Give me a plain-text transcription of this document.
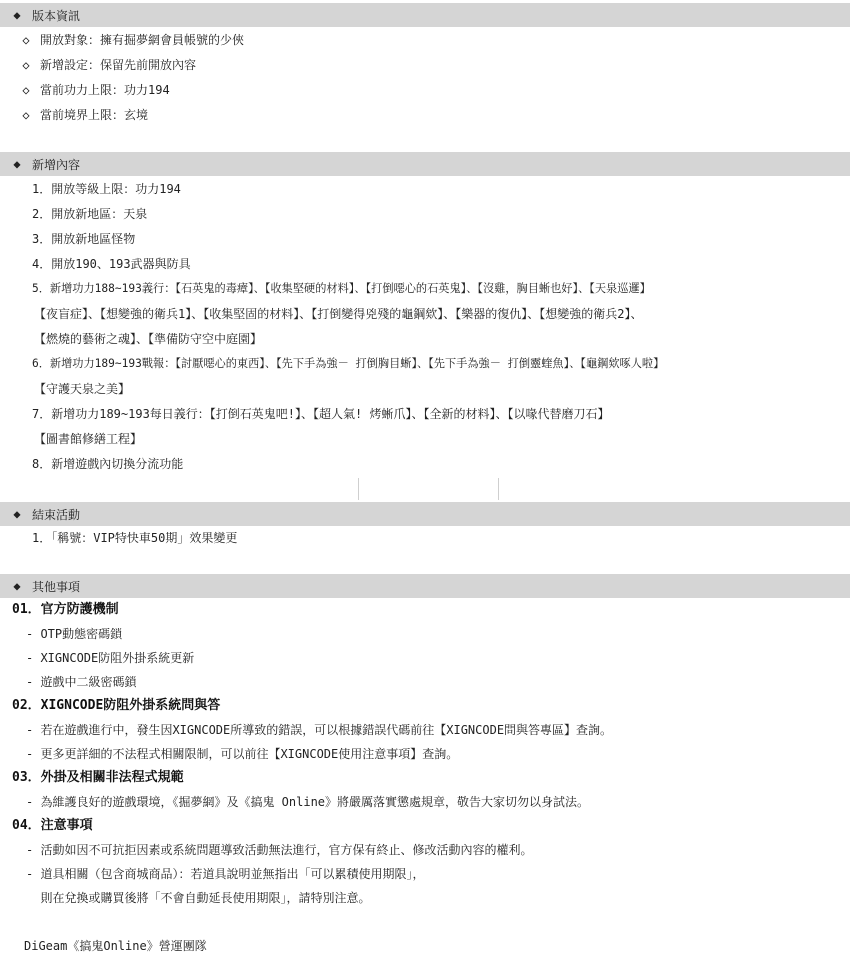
◆ 版本資訊
◇ 開放對象：擁有掘夢網會員帳號的少俠
◇ 新增設定：保留先前開放內容
◇ 當前功力上限：功力194
◇ 當前境界上限：玄境
◆ 新增內容
1．開放等級上限：功力194
2．開放新地區：天泉
3．開放新地區怪物
4．開放190、193武器與防具
5．新增功力188~193義行：【石英鬼的毒瘴】、【收集堅硬的材料】、【打倒噁心的石英鬼】、【沒雞，胸目蜥也好】、【天泉巡邏】
【夜盲症】、【想變強的衛兵1】、【收集堅固的材料】、【打倒變得兇殘的龜鋼欸】、【樂器的復仇】、【想變強的衛兵2】、
【燃燒的藝術之魂】、【準備防守空中庭園】
6．新增功力189~193戰報：【討厭噁心的東西】、【先下手為強－ 打倒胸目蜥】、【先下手為強－ 打倒靈蝰魚】、【龜鋼欸啄人啦】
【守護天泉之美】
7．新增功力189~193每日義行：【打倒石英鬼吧!】、【超人氣! 烤蜥爪】、【全新的材料】、【以喙代替磨刀石】
【圖書館修繕工程】
8．新增遊戲內切換分流功能
◆ 結束活動
1．「稱號：VIP特快車50期」效果變更
◆ 其他事項
01．官方防護機制
- OTP動態密碼鎖
- XIGNCODE防阻外掛系統更新
- 遊戲中二級密碼鎖
02．XIGNCODE防阻外掛系統問與答
- 若在遊戲進行中，發生因XIGNCODE所導致的錯誤，可以根據錯誤代碼前往【XIGNCODE問與答專區】查詢。
- 更多更詳細的不法程式相關限制，可以前往【XIGNCODE使用注意事項】查詢。
03．外掛及相關非法程式規範
- 為維護良好的遊戲環境，《掘夢網》及《搞鬼 Online》將嚴厲落實懲處規章，敬告大家切勿以身試法。
04．注意事項
- 活動如因不可抗拒因素或系統問題導致活動無法進行，官方保有終止、修改活動內容的權利。
- 道具相關（包含商城商品）：若道具說明並無指出「可以累積使用期限」，
則在兌換或購買後將「不會自動延長使用期限」，請特別注意。
DiGeam《搞鬼Online》營運團隊
